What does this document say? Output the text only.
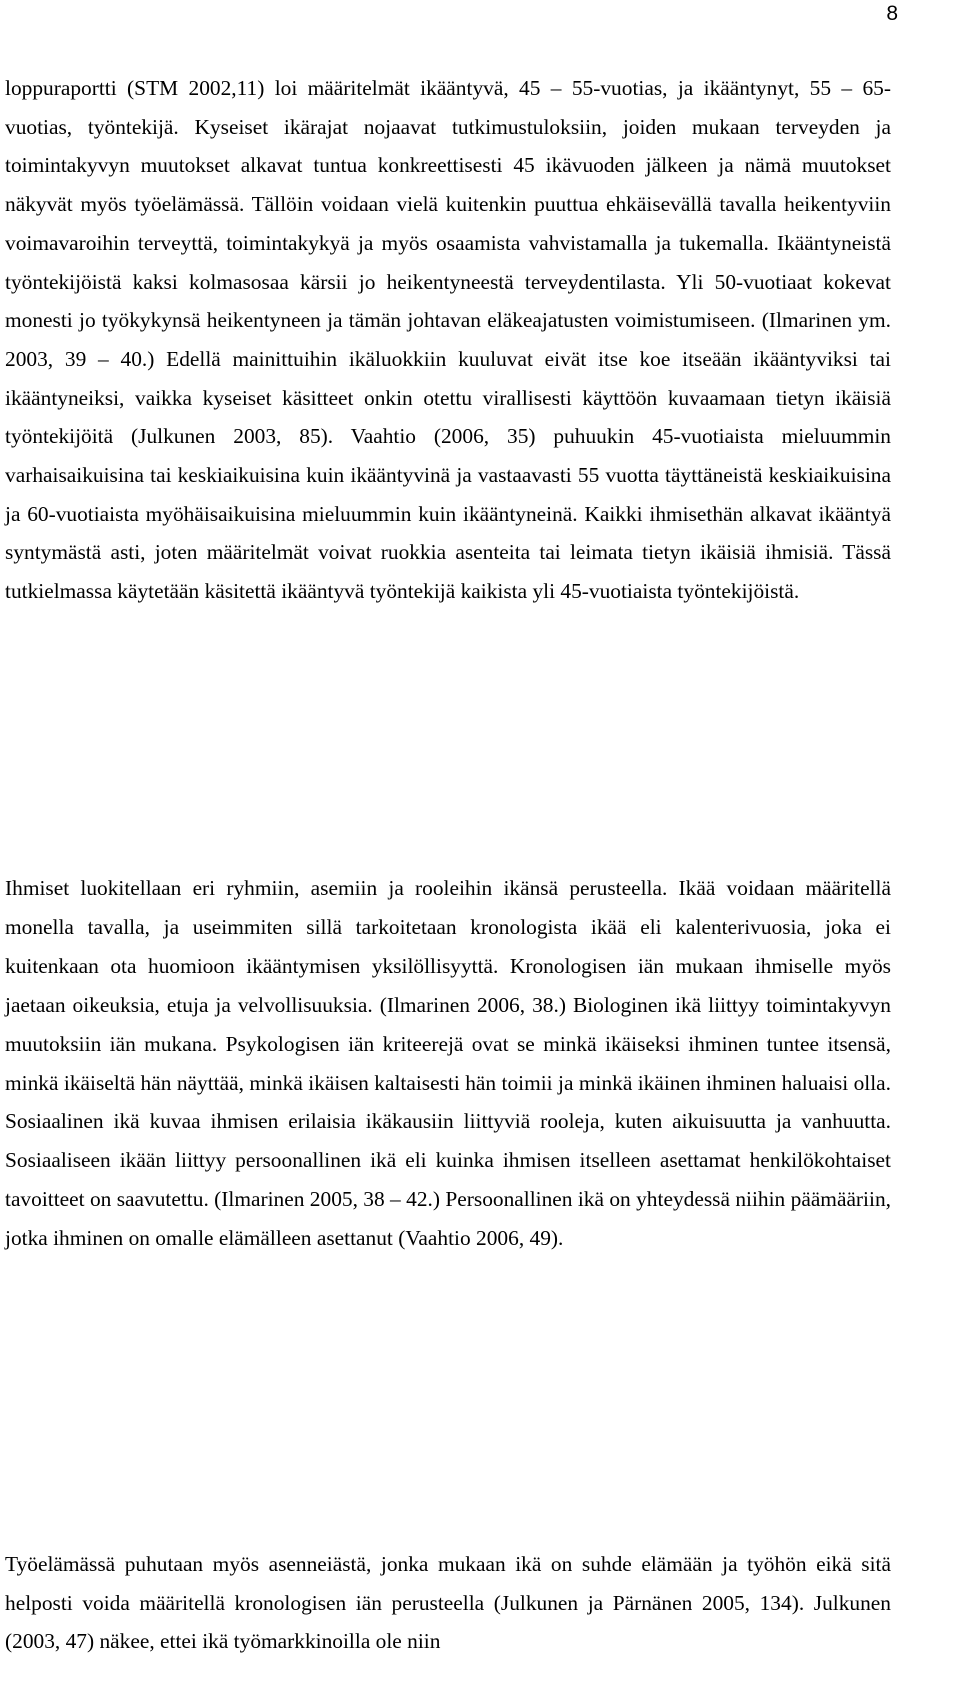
8

loppuraportti (STM 2002,11) loi määritelmät ikääntyvä, 45 – 55-vuotias, ja ikääntynyt, 55 – 65-vuotias, työntekijä. Kyseiset ikärajat nojaavat tutkimustuloksiin, joiden mukaan terveyden ja toimintakyvyn muutokset alkavat tuntua konkreettisesti 45 ikävuoden jälkeen ja nämä muutokset näkyvät myös työelämässä. Tällöin voidaan vielä kuitenkin puuttua ehkäisevällä tavalla heikentyviin voimavaroihin terveyttä, toimintakykyä ja myös osaamista vahvistamalla ja tukemalla. Ikääntyneistä työntekijöistä kaksi kolmasosaa kärsii jo heikentyneestä terveydentilasta. Yli 50-vuotiaat kokevat monesti jo työkykynsä heikentyneen ja tämän johtavan eläkeajatusten voimistumiseen. (Ilmarinen ym. 2003, 39 – 40.) Edellä mainittuihin ikäluokkiin kuuluvat eivät itse koe itseään ikääntyviksi tai ikääntyneiksi, vaikka kyseiset käsitteet onkin otettu virallisesti käyttöön kuvaamaan tietyn ikäisiä työntekijöitä (Julkunen 2003, 85). Vaahtio (2006, 35) puhuukin 45-vuotiaista mieluummin varhaisaikuisina tai keskiaikuisina kuin ikääntyvinä ja vastaavasti 55 vuotta täyttäneistä keskiaikuisina ja 60-vuotiaista myöhäisaikuisina mieluummin kuin ikääntyneinä. Kaikki ihmisethän alkavat ikääntyä syntymästä asti, joten määritelmät voivat ruokkia asenteita tai leimata tietyn ikäisiä ihmisiä. Tässä tutkielmassa käytetään käsitettä ikääntyvä työntekijä kaikista yli 45-vuotiaista työntekijöistä.

Ihmiset luokitellaan eri ryhmiin, asemiin ja rooleihin ikänsä perusteella. Ikää voidaan määritellä monella tavalla, ja useimmiten sillä tarkoitetaan kronologista ikää eli kalenterivuosia, joka ei kuitenkaan ota huomioon ikääntymisen yksilöllisyyttä. Kronologisen iän mukaan ihmiselle myös jaetaan oikeuksia, etuja ja velvollisuuksia. (Ilmarinen 2006, 38.) Biologinen ikä liittyy toimintakyvyn muutoksiin iän mukana. Psykologisen iän kriteerejä ovat se minkä ikäiseksi ihminen tuntee itsensä, minkä ikäiseltä hän näyttää, minkä ikäisen kaltaisesti hän toimii ja minkä ikäinen ihminen haluaisi olla. Sosiaalinen ikä kuvaa ihmisen erilaisia ikäkausiin liittyviä rooleja, kuten aikuisuutta ja vanhuutta. Sosiaaliseen ikään liittyy persoonallinen ikä eli kuinka ihmisen itselleen asettamat henkilökohtaiset tavoitteet on saavutettu. (Ilmarinen 2005, 38 – 42.) Persoonallinen ikä on yhteydessä niihin päämääriin, jotka ihminen on omalle elämälleen asettanut (Vaahtio 2006, 49).

Työelämässä puhutaan myös asenneiästä, jonka mukaan ikä on suhde elämään ja työhön eikä sitä helposti voida määritellä kronologisen iän perusteella (Julkunen ja Pärnänen 2005, 134). Julkunen (2003, 47) näkee, ettei ikä työmarkkinoilla ole niin
